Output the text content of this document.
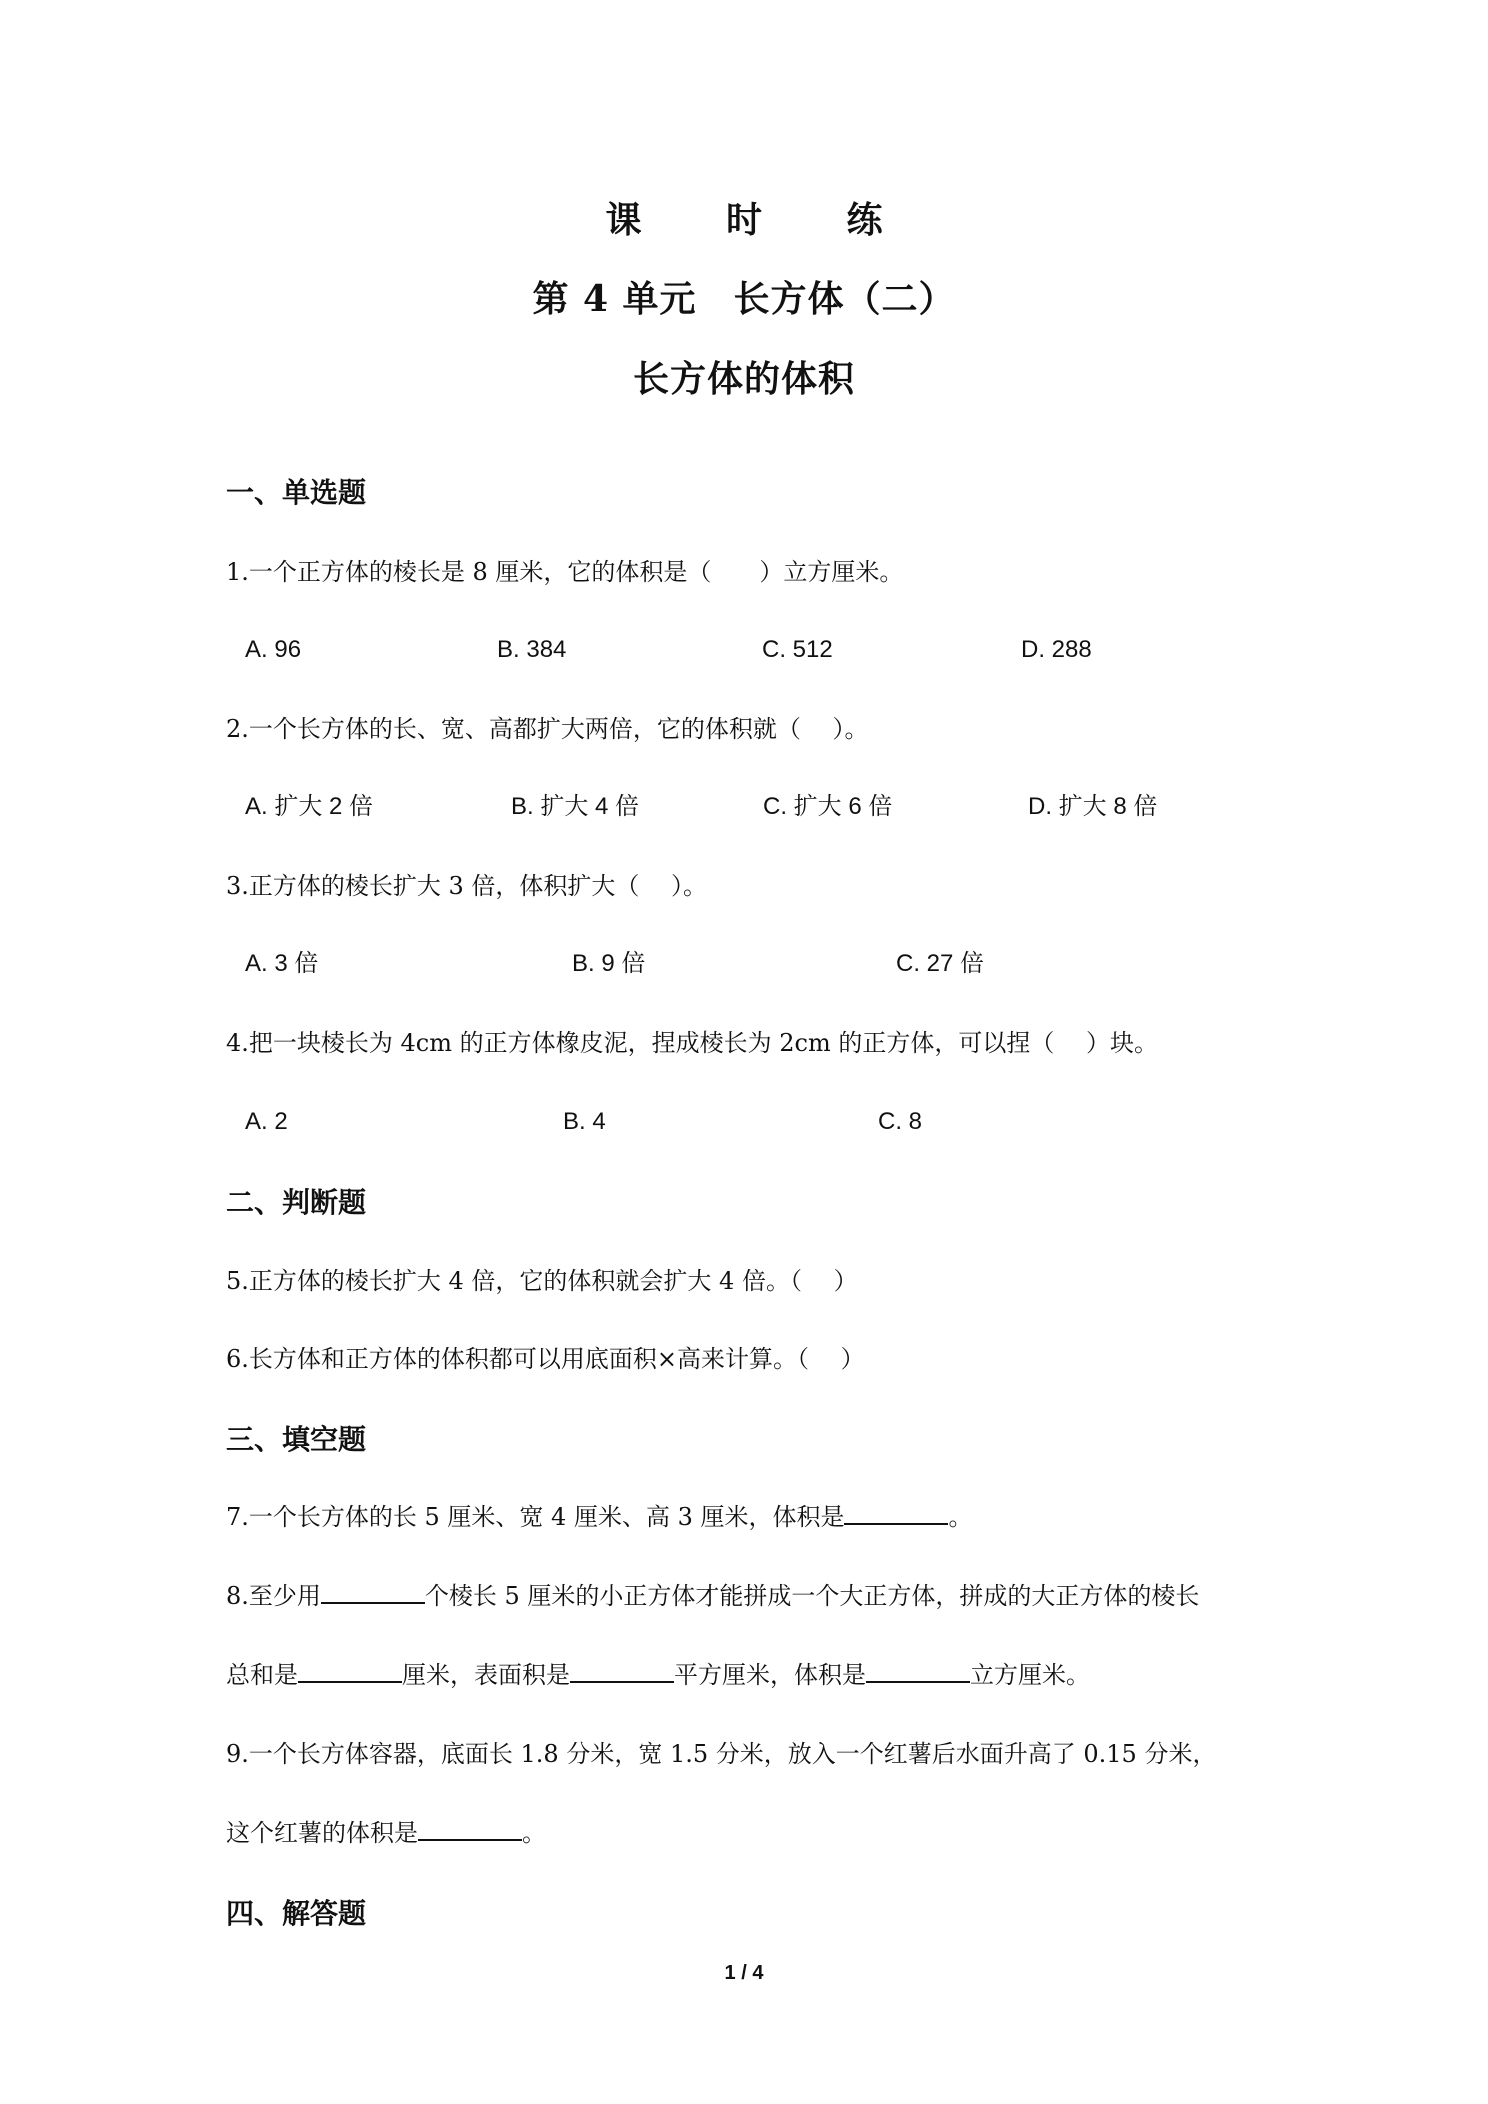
课 时 练
第 4 单元　长方体（二）
长方体的体积
一、单选题
1.一个正方体的棱长是 8 厘米，它的体积是（　　）立方厘米。
A. 96	B. 384	C. 512	D. 288
2.一个长方体的长、宽、高都扩大两倍，它的体积就（　 ）。
A. 扩大 2 倍	B. 扩大 4 倍	C. 扩大 6 倍	D. 扩大 8 倍
3.正方体的棱长扩大 3 倍，体积扩大（　 ）。
A. 3 倍	B. 9 倍	C. 27 倍
4.把一块棱长为 4cm 的正方体橡皮泥，捏成棱长为 2cm 的正方体，可以捏（　 ）块。
A. 2	B. 4	C. 8
二、判断题
5.正方体的棱长扩大 4 倍，它的体积就会扩大 4 倍。（　 ）
6.长方体和正方体的体积都可以用底面积×高来计算。（　 ）
三、填空题
7.一个长方体的长 5 厘米、宽 4 厘米、高 3 厘米，体积是	。
8.至少用	个棱长 5 厘米的小正方体才能拼成一个大正方体，拼成的大正方体的棱长
总和是	厘米，表面积是	平方厘米，体积是	立方厘米。
9.一个长方体容器，底面长 1.8 分米，宽 1.5 分米，放入一个红薯后水面升高了 0.15 分米，
这个红薯的体积是	。
四、解答题
1 / 4
